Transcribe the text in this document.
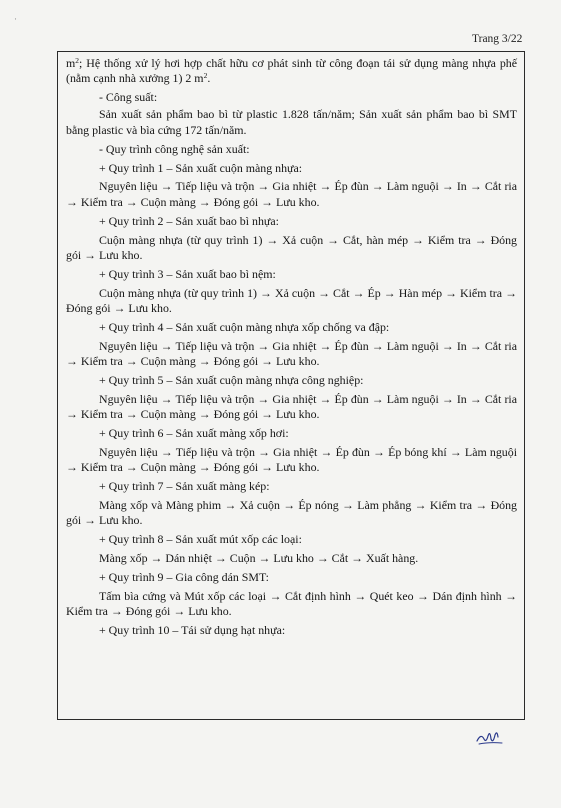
·
Trang 3/22

$m^2$; Hệ thống xử lý hơi hợp chất hữu cơ phát sinh từ công đoạn tái sử dụng màng nhựa phế (nằm cạnh nhà xưởng 1) 2 $m^2$.

- Công suất:

Sản xuất sản phẩm bao bì từ plastic 1.828 tấn/năm; Sản xuất sản phẩm bao bì SMT bằng plastic và bìa cứng 172 tấn/năm.

- Quy trình công nghệ sản xuất:

+ Quy trình 1 – Sản xuất cuộn màng nhựa:

Nguyên liệu → Tiếp liệu và trộn → Gia nhiệt → Ép đùn → Làm nguội → In → Cắt ria → Kiểm tra → Cuộn màng → Đóng gói → Lưu kho.

+ Quy trình 2 – Sản xuất bao bì nhựa:

Cuộn màng nhựa (từ quy trình 1) → Xả cuộn → Cắt, hàn mép → Kiểm tra → Đóng gói → Lưu kho.

+ Quy trình 3 – Sản xuất bao bì nệm:

Cuộn màng nhựa (từ quy trình 1) → Xả cuộn → Cắt → Ép → Hàn mép → Kiểm tra → Đóng gói → Lưu kho.

+ Quy trình 4 – Sản xuất cuộn màng nhựa xốp chống va đập:

Nguyên liệu → Tiếp liệu và trộn → Gia nhiệt → Ép đùn → Làm nguội → In → Cắt ria → Kiểm tra → Cuộn màng → Đóng gói → Lưu kho.

+ Quy trình 5 – Sản xuất cuộn màng nhựa công nghiệp:

Nguyên liệu → Tiếp liệu và trộn → Gia nhiệt → Ép đùn → Làm nguội → In → Cắt ria → Kiểm tra → Cuộn màng → Đóng gói → Lưu kho.

+ Quy trình 6 – Sản xuất màng xốp hơi:

Nguyên liệu → Tiếp liệu và trộn → Gia nhiệt → Ép đùn → Ép bóng khí → Làm nguội → Kiểm tra → Cuộn màng → Đóng gói → Lưu kho.

+ Quy trình 7 – Sản xuất màng kép:

Màng xốp và Màng phim → Xả cuộn → Ép nóng → Làm phẳng → Kiểm tra → Đóng gói → Lưu kho.

+ Quy trình 8 – Sản xuất mút xốp các loại:

Màng xốp → Dán nhiệt → Cuộn → Lưu kho → Cắt → Xuất hàng.

+ Quy trình 9 – Gia công dán SMT:

Tấm bìa cứng và Mút xốp các loại → Cắt định hình → Quét keo → Dán định hình → Kiểm tra → Đóng gói → Lưu kho.

+ Quy trình 10 – Tái sử dụng hạt nhựa:
